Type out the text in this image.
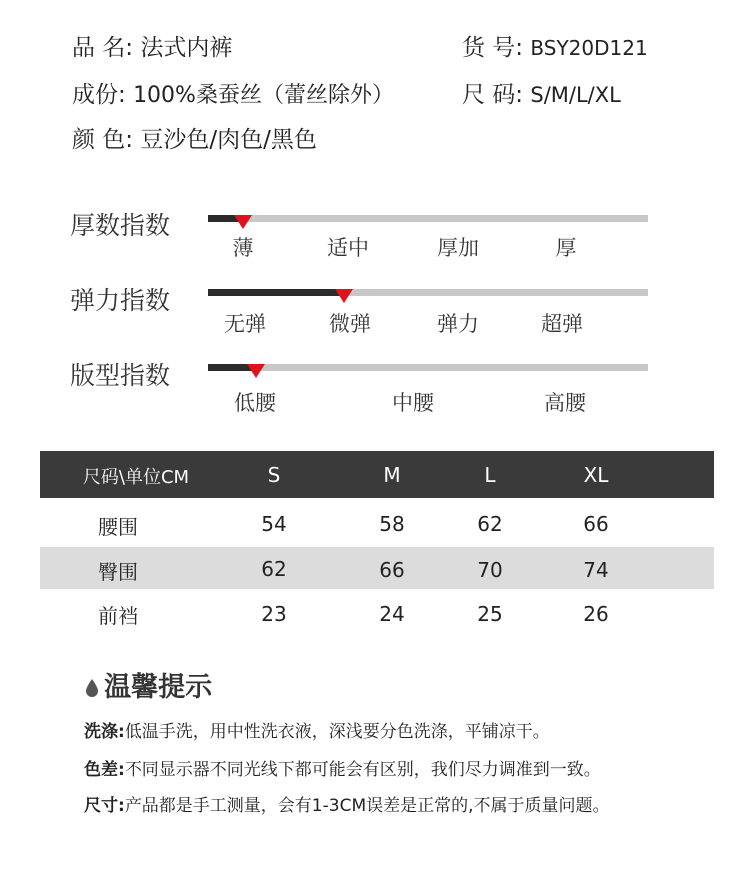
品 名: 法式内裤	货 号: BSY20D121
成份: 100%桑蚕丝（蕾丝除外）	尺 码: S/M/L/XL
颜 色: 豆沙色/肉色/黑色
厚数指数
薄	适中	厚加	厚
弹力指数
无弹	微弹	弹力	超弹
版型指数
低腰	中腰	高腰
尺码\单位CM	S	M	L	XL
腰围	54	58	62	66
臀围	62	66	70	74
前裆	23	24	25	26
温馨提示
洗涤:低温手洗，用中性洗衣液，深浅要分色洗涤，平铺凉干。
色差:不同显示器不同光线下都可能会有区别，我们尽力调准到一致。
尺寸:产品都是手工测量，会有1-3CM误差是正常的,不属于质量问题。
